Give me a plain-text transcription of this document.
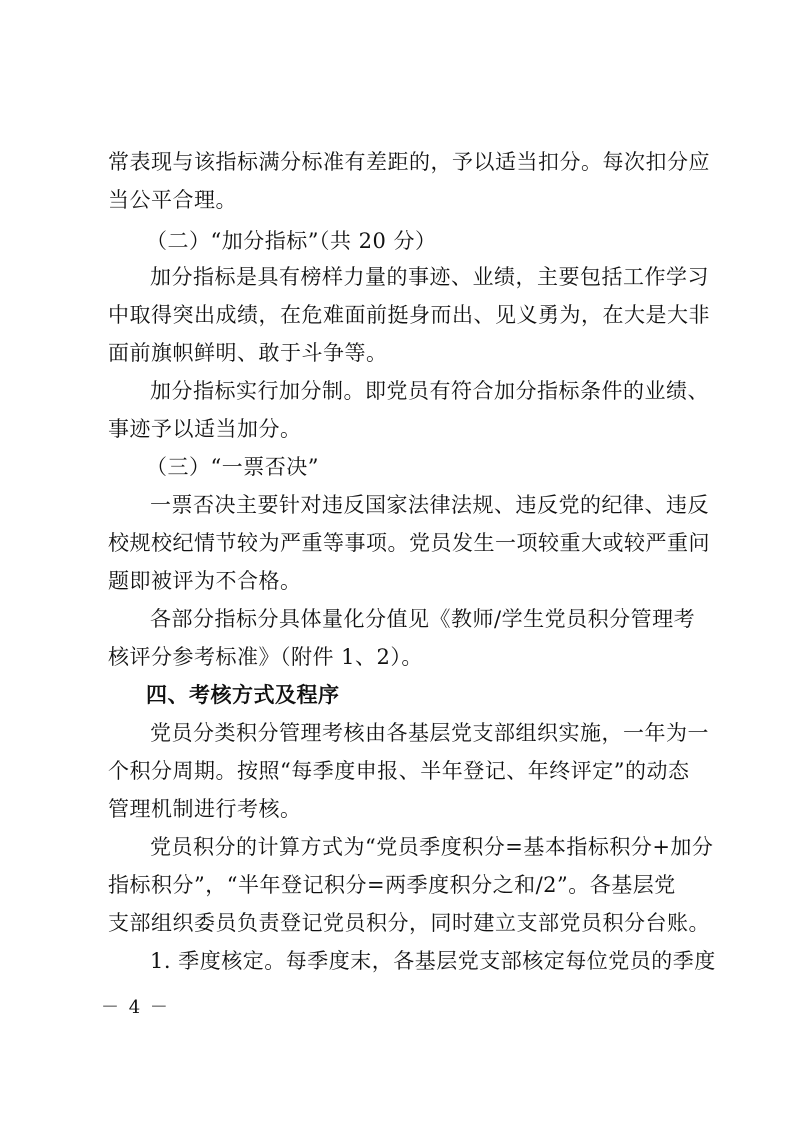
常表现与该指标满分标准有差距的，予以适当扣分。每次扣分应
当公平合理。
（二）“加分指标”（共 20 分）
加分指标是具有榜样力量的事迹、业绩，主要包括工作学习
中取得突出成绩，在危难面前挺身而出、见义勇为，在大是大非
面前旗帜鲜明、敢于斗争等。
加分指标实行加分制。即党员有符合加分指标条件的业绩、
事迹予以适当加分。
（三）“一票否决”
一票否决主要针对违反国家法律法规、违反党的纪律、违反
校规校纪情节较为严重等事项。党员发生一项较重大或较严重问
题即被评为不合格。
各部分指标分具体量化分值见《教师/学生党员积分管理考
核评分参考标准》（附件 1、2）。
四、考核方式及程序
党员分类积分管理考核由各基层党支部组织实施，一年为一
个积分周期。按照“每季度申报、半年登记、年终评定”的动态
管理机制进行考核。
党员积分的计算方式为“党员季度积分=基本指标积分+加分
指标积分”，“半年登记积分=两季度积分之和/2”。各基层党
支部组织委员负责登记党员积分，同时建立支部党员积分台账。
1. 季度核定。每季度末，各基层党支部核定每位党员的季度
－ 4 －
